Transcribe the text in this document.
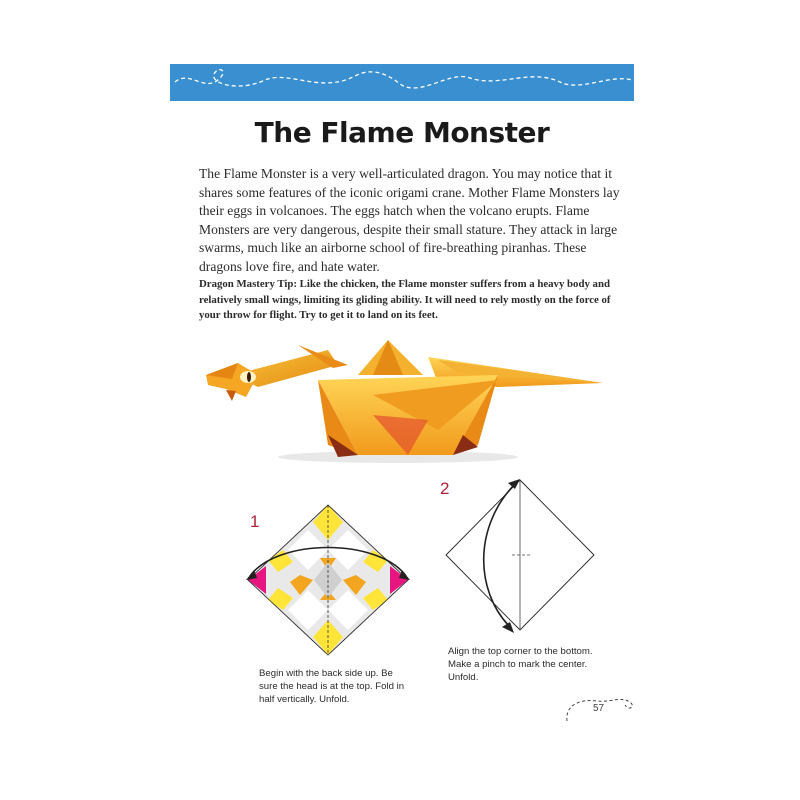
The Flame Monster

The Flame Monster is a very well-articulated dragon. You may notice that it shares some features of the iconic origami crane. Mother Flame Monsters lay their eggs in volcanoes. The eggs hatch when the volcano erupts. Flame Monsters are very dangerous, despite their small stature. They attack in large swarms, much like an airborne school of fire-breathing piranhas. These dragons love fire, and hate water.

Dragon Mastery Tip: Like the chicken, the Flame monster suffers from a heavy body and relatively small wings, limiting its gliding ability. It will need to rely mostly on the force of your throw for flight. Try to get it to land on its feet.

1
2

Begin with the back side up. Be sure the head is at the top. Fold in half vertically. Unfold.

Align the top corner to the bottom. Make a pinch to mark the center. Unfold.

57
